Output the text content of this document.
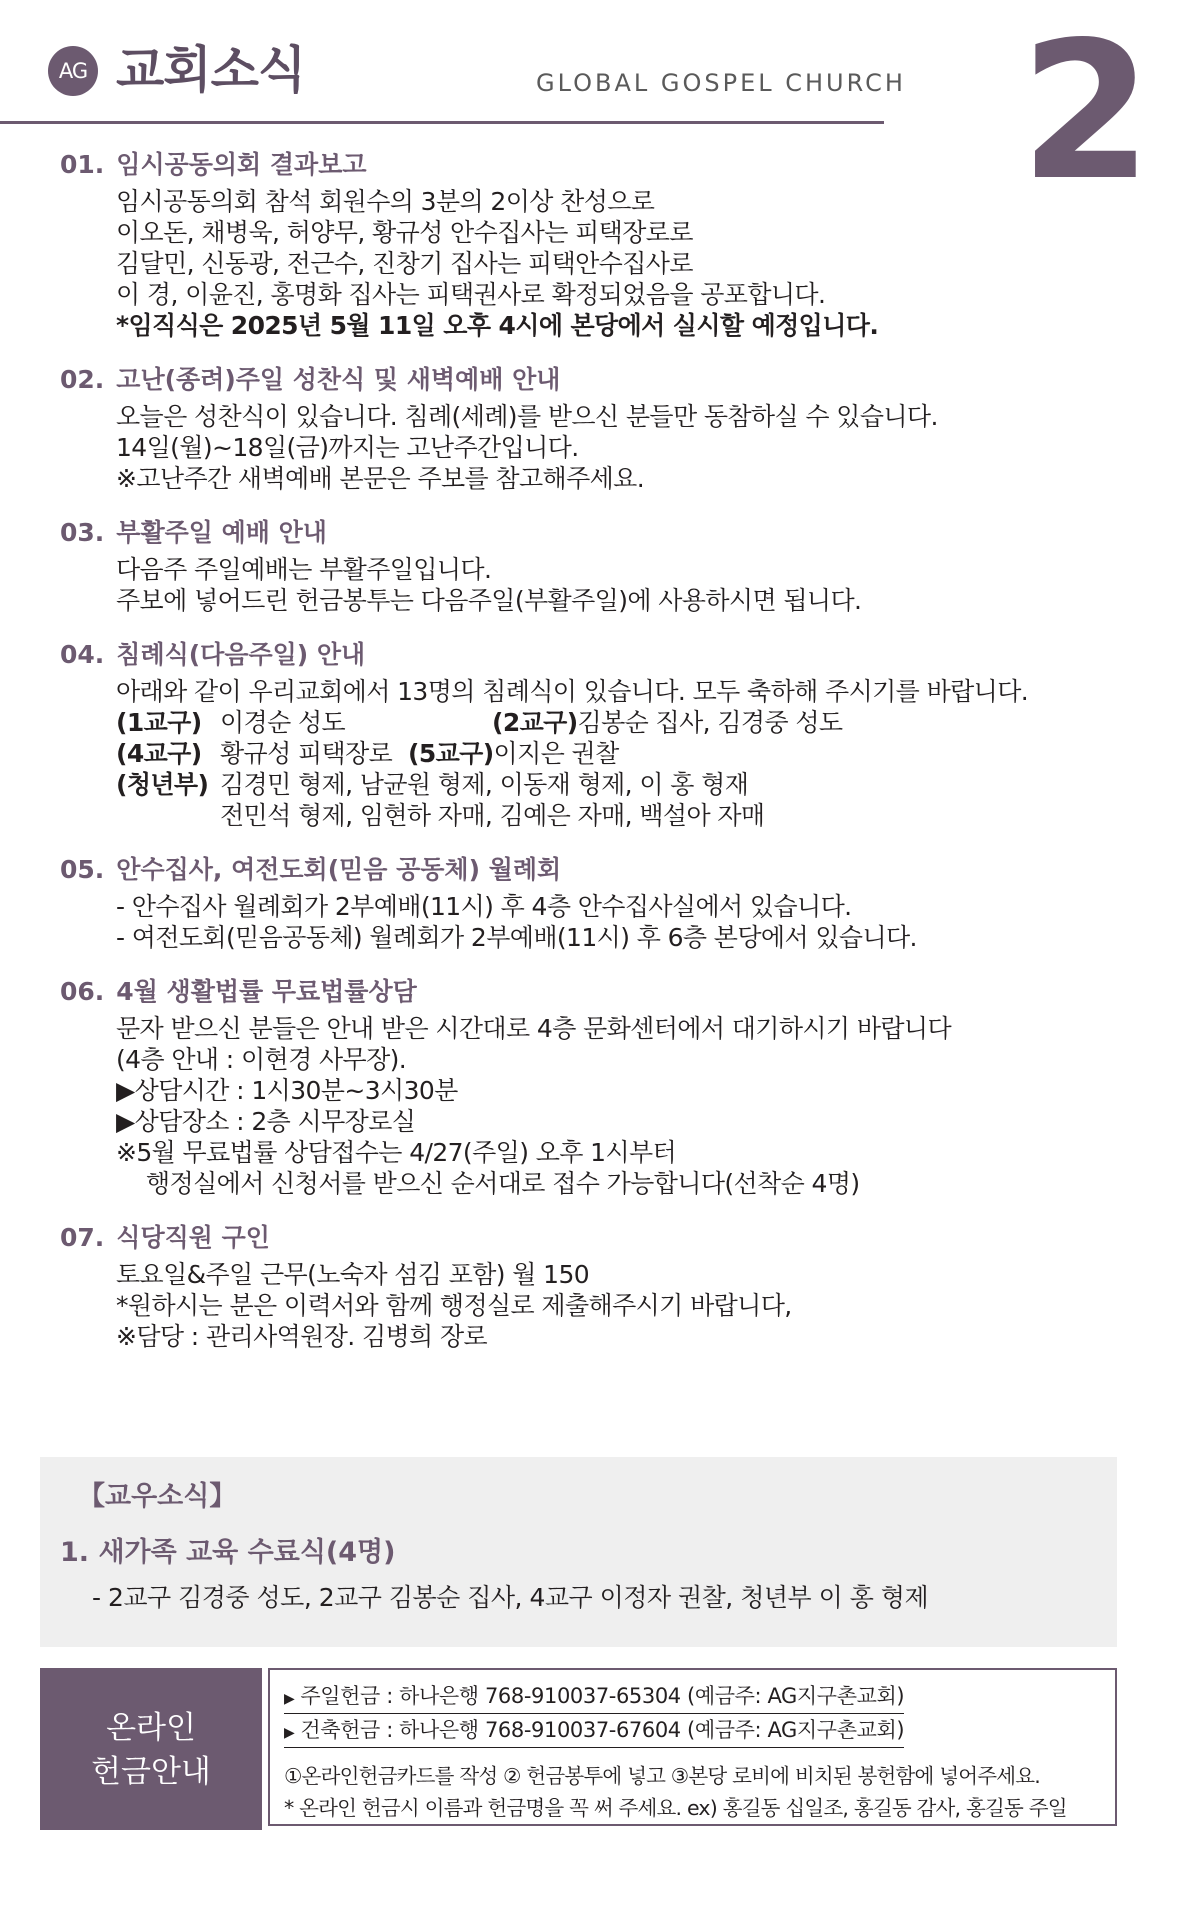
AG 교회소식	GLOBAL GOSPEL CHURCH 2
01. 임시공동의회 결과보고
임시공동의회 참석 회원수의 3분의 2이상 찬성으로
이오돈, 채병욱, 허양무, 황규성 안수집사는 피택장로로
김달민, 신동광, 전근수, 진창기 집사는 피택안수집사로
이 경, 이윤진, 홍명화 집사는 피택권사로 확정되었음을 공포합니다.
*임직식은 2025년 5월 11일 오후 4시에 본당에서 실시할 예정입니다.
02. 고난(종려)주일 성찬식 및 새벽예배 안내
오늘은 성찬식이 있습니다. 침례(세례)를 받으신 분들만 동참하실 수 있습니다.
14일(월)~18일(금)까지는 고난주간입니다.
※고난주간 새벽예배 본문은 주보를 참고해주세요.
03. 부활주일 예배 안내
다음주 주일예배는 부활주일입니다.
주보에 넣어드린 헌금봉투는 다음주일(부활주일)에 사용하시면 됩니다.
04. 침례식(다음주일) 안내
아래와 같이 우리교회에서 13명의 침례식이 있습니다. 모두 축하해 주시기를 바랍니다.
(1교구) 이경순 성도	(2교구) 김봉순 집사, 김경중 성도
(4교구) 황규성 피택장로 (5교구) 이지은 권찰
(청년부) 김경민 형제, 남균원 형제, 이동재 형제, 이 홍 형재
전민석 형제, 임현하 자매, 김예은 자매, 백설아 자매
05. 안수집사, 여전도회(믿음 공동체) 월례회
- 안수집사 월례회가 2부예배(11시) 후 4층 안수집사실에서 있습니다.
- 여전도회(믿음공동체) 월례회가 2부예배(11시) 후 6층 본당에서 있습니다.
06. 4월 생활법률 무료법률상담
문자 받으신 분들은 안내 받은 시간대로 4층 문화센터에서 대기하시기 바랍니다
(4층 안내 : 이현경 사무장).
▶상담시간 : 1시30분~3시30분
▶상담장소 : 2층 시무장로실
※5월 무료법률 상담접수는 4/27(주일) 오후 1시부터
행정실에서 신청서를 받으신 순서대로 접수 가능합니다(선착순 4명)
07. 식당직원 구인
토요일&주일 근무(노숙자 섬김 포함) 월 150
*원하시는 분은 이력서와 함께 행정실로 제출해주시기 바랍니다,
※담당 : 관리사역원장. 김병희 장로
【교우소식】
1. 새가족 교육 수료식(4명)
- 2교구 김경중 성도, 2교구 김봉순 집사, 4교구 이정자 권찰, 청년부 이 홍 형제
온라인
헌금안내
▶ 주일헌금 : 하나은행 768-910037-65304 (예금주: AG지구촌교회)
▶ 건축헌금 : 하나은행 768-910037-67604 (예금주: AG지구촌교회)
①온라인헌금카드를 작성 ② 헌금봉투에 넣고 ③본당 로비에 비치된 봉헌함에 넣어주세요.
* 온라인 헌금시 이름과 헌금명을 꼭 써 주세요. ex) 홍길동 십일조, 홍길동 감사, 홍길동 주일
